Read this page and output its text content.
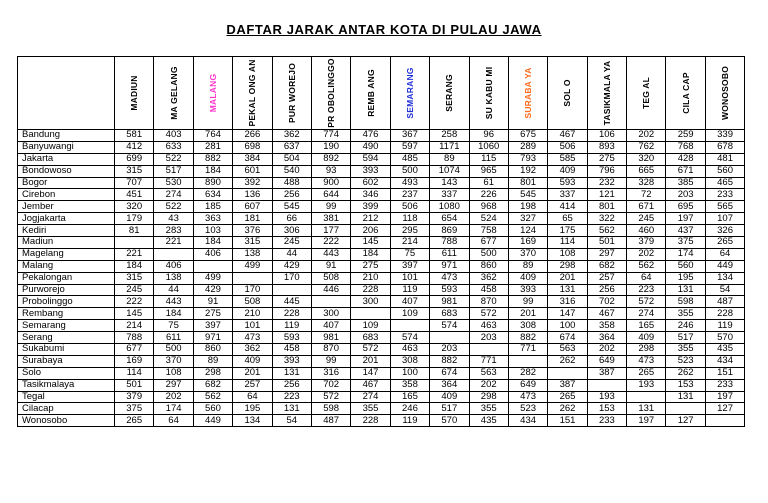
DAFTAR JARAK ANTAR KOTA DI PULAU JAWA

	MADIUN	MA GELANG	MALANG	PEKAL ONG AN	PUR WOREJO	PR OBOLINGGO	REMB ANG	SEMARANG	SERANG	SU KABU MI	SURABA YA	SOL O	TASIKMALA YA	TEG AL	CILA CAP	WONOSOBO

Bandung	581	403	764	266	362	774	476	367	258	96	675	467	106	202	259	339
Banyuwangi	412	633	281	698	637	190	490	597	1171	1060	289	506	893	762	768	678
Jakarta	699	522	882	384	504	892	594	485	89	115	793	585	275	320	428	481
Bondowoso	315	517	184	601	540	93	393	500	1074	965	192	409	796	665	671	560
Bogor	707	530	890	392	488	900	602	493	143	61	801	593	232	328	385	465
Cirebon	451	274	634	136	256	644	346	237	337	226	545	337	121	72	203	233
Jember	320	522	185	607	545	99	399	506	1080	968	198	414	801	671	695	565
Jogjakarta	179	43	363	181	66	381	212	118	654	524	327	65	322	245	197	107
Kediri	81	283	103	376	306	177	206	295	869	758	124	175	562	460	437	326
Madiun		221	184	315	245	222	145	214	788	677	169	114	501	379	375	265
Magelang	221		406	138	44	443	184	75	611	500	370	108	297	202	174	64
Malang	184	406		499	429	91	275	397	971	860	89	298	682	562	560	449
Pekalongan	315	138	499		170	508	210	101	473	362	409	201	257	64	195	134
Purworejo	245	44	429	170		446	228	119	593	458	393	131	256	223	131	54
Probolinggo	222	443	91	508	445		300	407	981	870	99	316	702	572	598	487
Rembang	145	184	275	210	228	300		109	683	572	201	147	467	274	355	228
Semarang	214	75	397	101	119	407	109		574	463	308	100	358	165	246	119
Serang	788	611	971	473	593	981	683	574		203	882	674	364	409	517	570
Sukabumi	677	500	860	362	458	870	572	463	203		771	563	202	298	355	435
Surabaya	169	370	89	409	393	99	201	308	882	771		262	649	473	523	434
Solo	114	108	298	201	131	316	147	100	674	563	282		387	265	262	151
Tasikmalaya	501	297	682	257	256	702	467	358	364	202	649	387		193	153	233
Tegal	379	202	562	64	223	572	274	165	409	298	473	265	193		131	197
Cilacap	375	174	560	195	131	598	355	246	517	355	523	262	153	131		127
Wonosobo	265	64	449	134	54	487	228	119	570	435	434	151	233	197	127	
